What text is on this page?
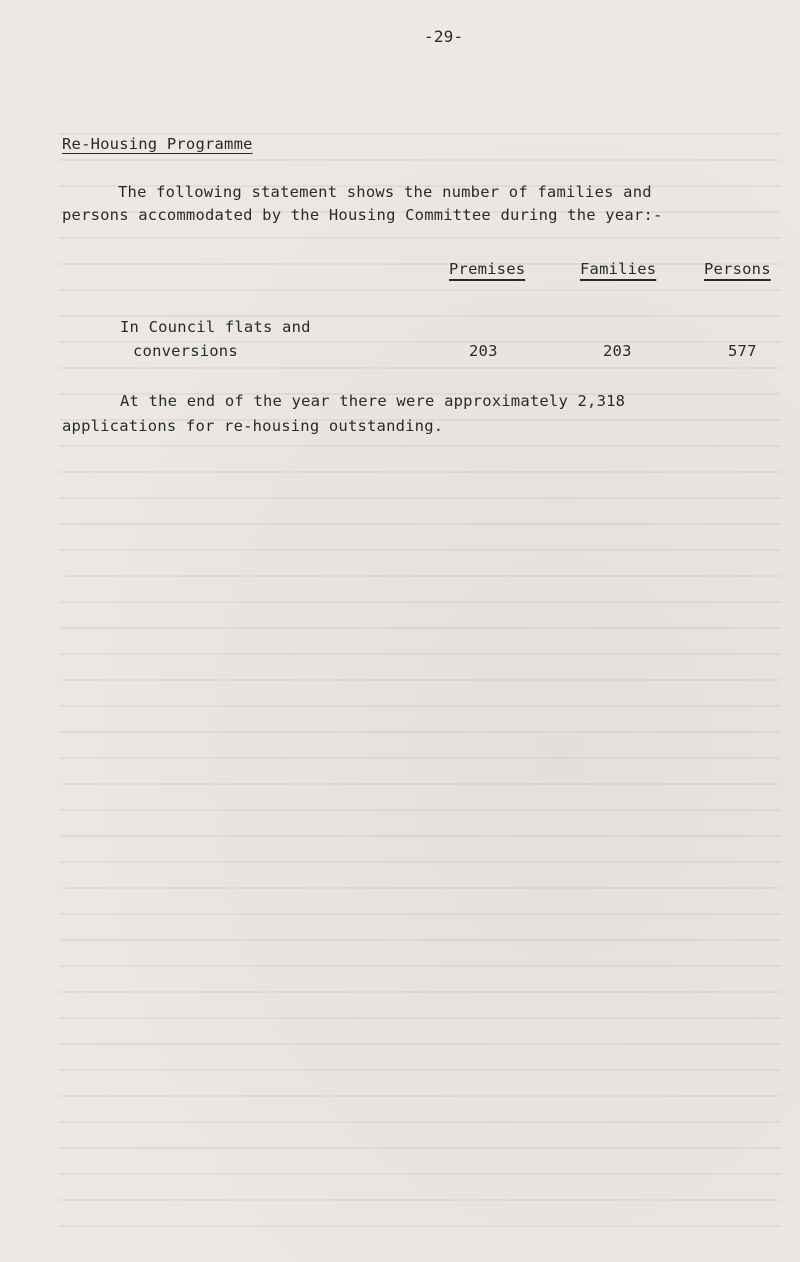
-29-
Re-Housing Programme
The following statement shows the number of families and
persons accommodated by the Housing Committee during the year:-
Premises	Families	Persons
In Council flats and
conversions	203	203	577
At the end of the year there were approximately 2,318
applications for re-housing outstanding.
